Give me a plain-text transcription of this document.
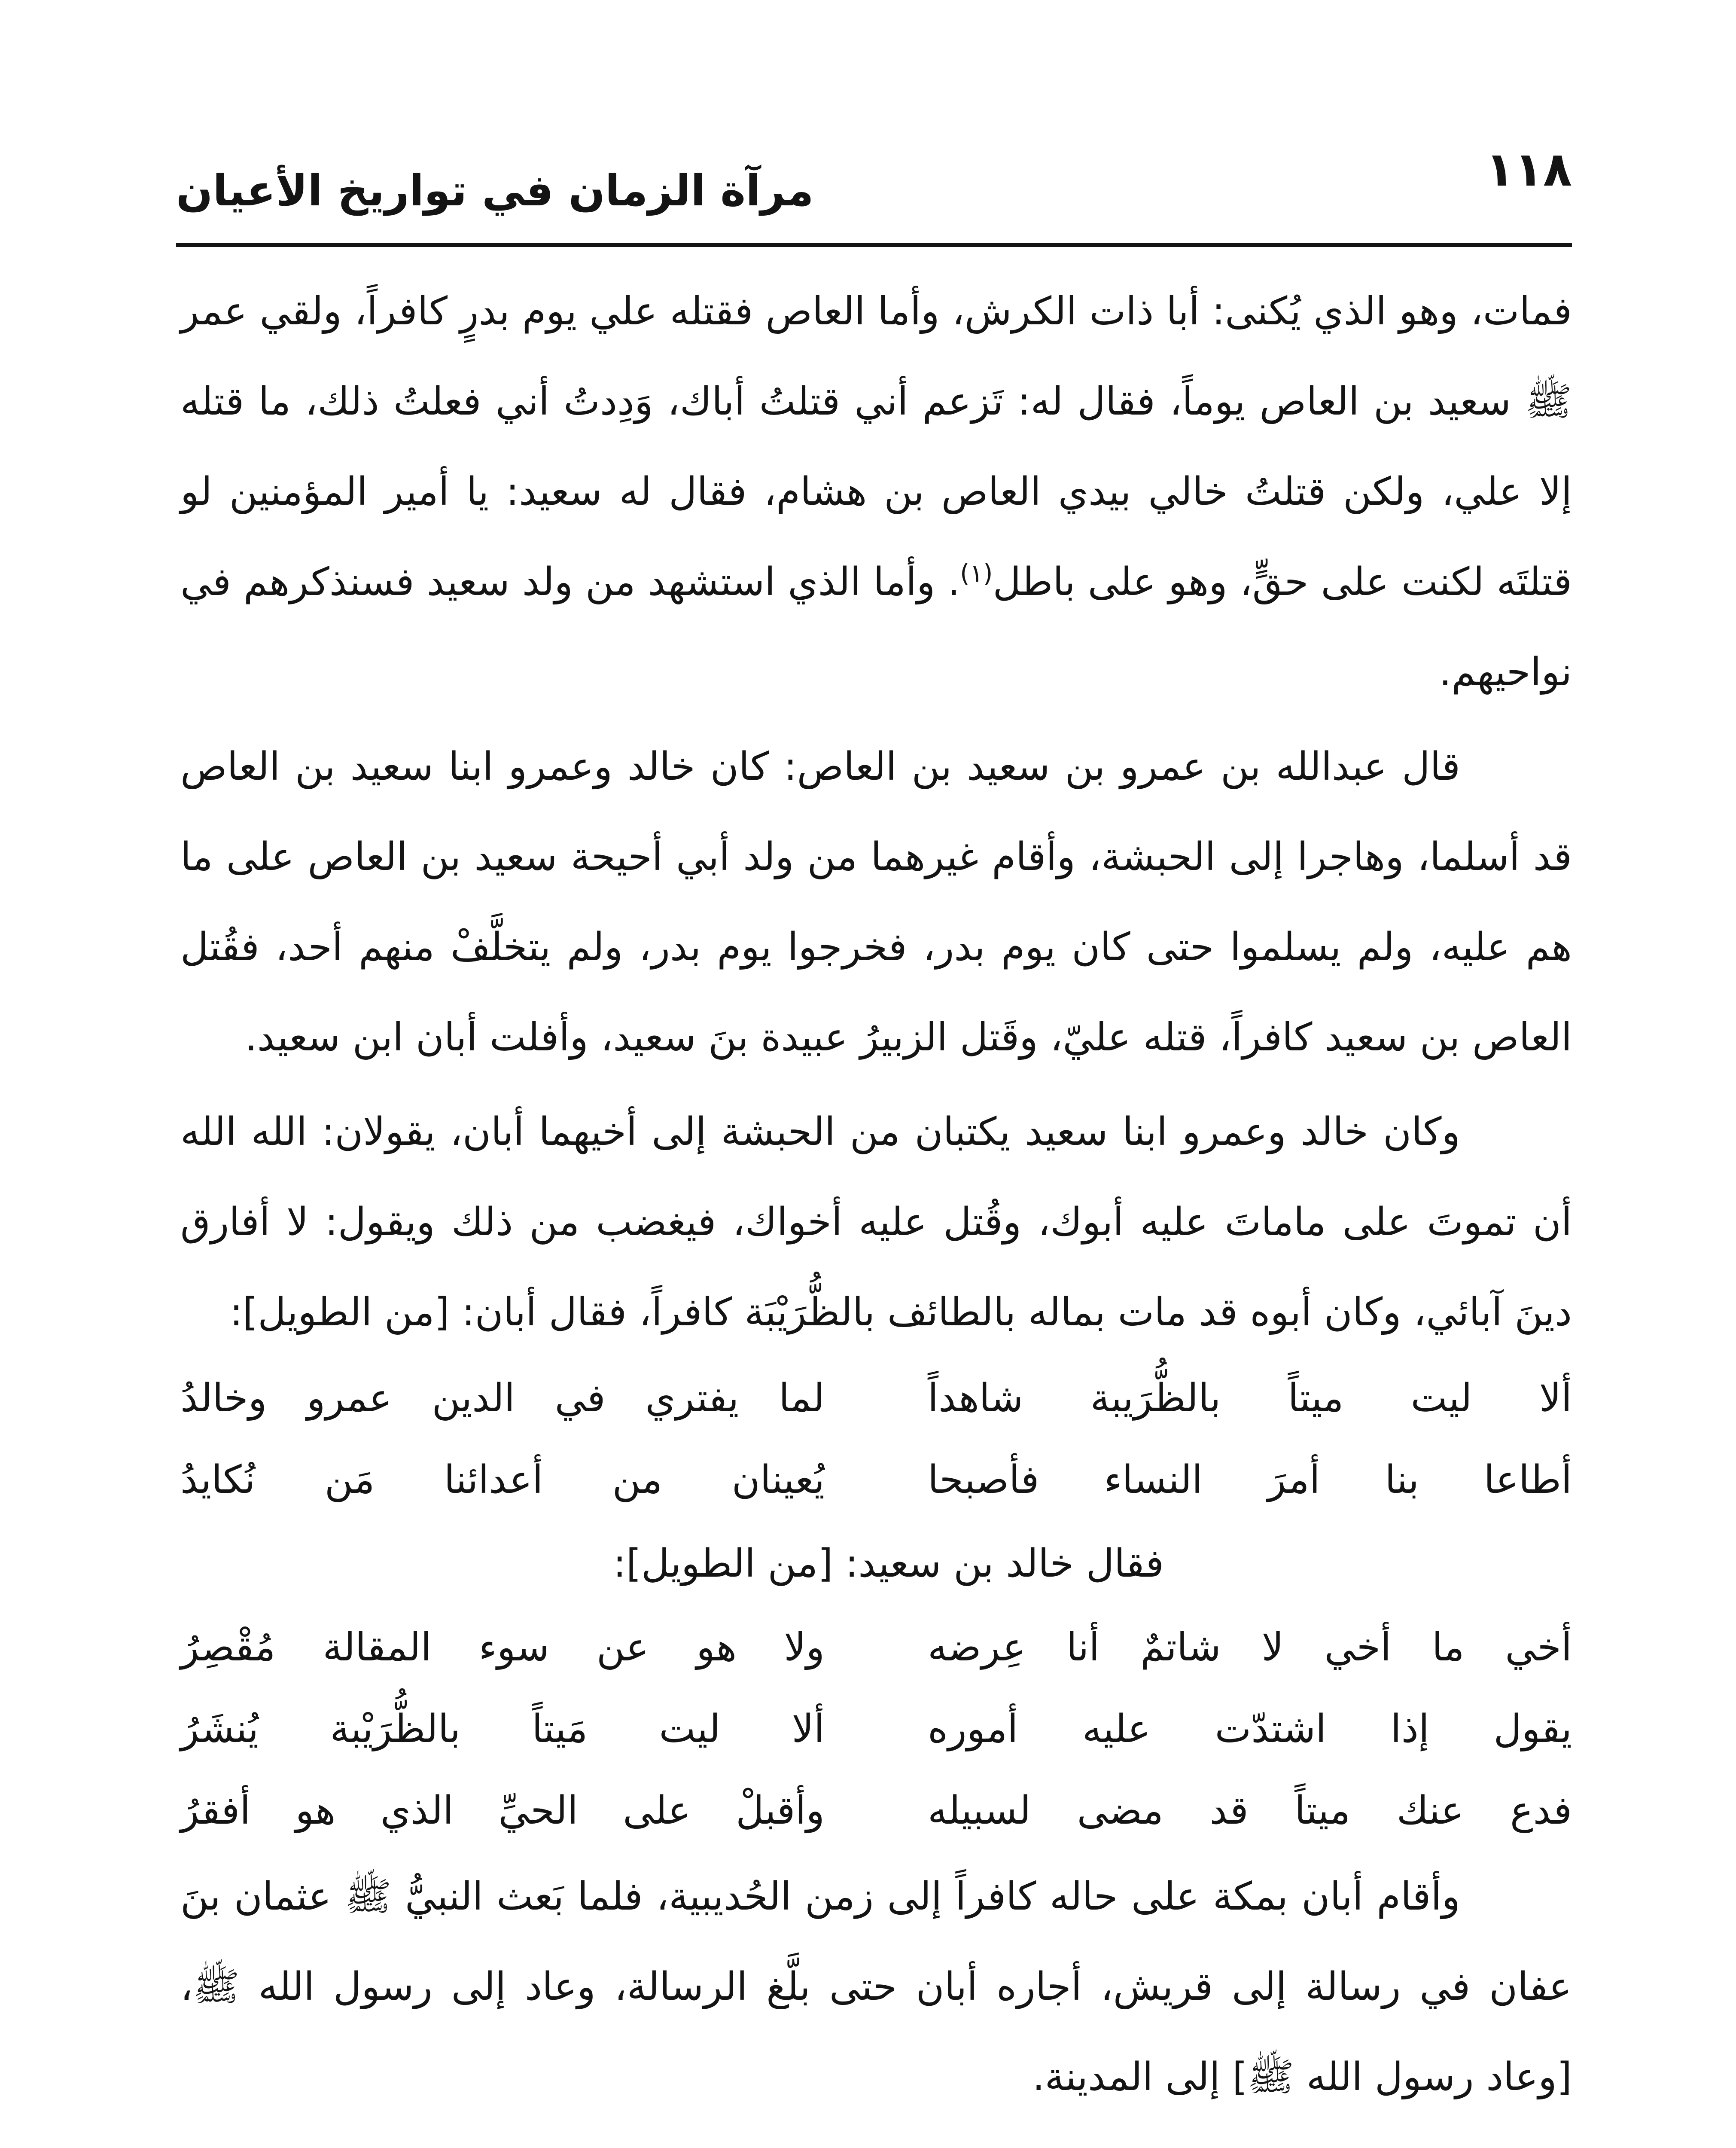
١١٨
مرآة الزمان في تواريخ الأعيان

فمات، وهو الذي يُكنى: أبا ذات الكرش، وأما العاص فقتله علي يوم بدرٍ كافراً، ولقي عمر ﷺ سعيد بن العاص يوماً، فقال له: تَزعم أني قتلتُ أباك، وَدِدتُ أني فعلتُ ذلك، ما قتله إلا علي، ولكن قتلتُ خالي بيدي العاص بن هشام، فقال له سعيد: يا أمير المؤمنين لو قتلتَه لكنت على حقٍّ، وهو على باطل$^{(١)}$. وأما الذي استشهد من ولد سعيد فسنذكرهم في نواحيهم.

قال عبدالله بن عمرو بن سعيد بن العاص: كان خالد وعمرو ابنا سعيد بن العاص قد أسلما، وهاجرا إلى الحبشة، وأقام غيرهما من ولد أبي أحيحة سعيد بن العاص على ما هم عليه، ولم يسلموا حتى كان يوم بدر، فخرجوا يوم بدر، ولم يتخلَّفْ منهم أحد، فقُتل العاص بن سعيد كافراً، قتله عليّ، وقَتل الزبيرُ عبيدة بنَ سعيد، وأفلت أبان ابن سعيد.

وكان خالد وعمرو ابنا سعيد يكتبان من الحبشة إلى أخيهما أبان، يقولان: الله الله أن تموتَ على ماماتَ عليه أبوك، وقُتل عليه أخواك، فيغضب من ذلك ويقول: لا أفارق دينَ آبائي، وكان أبوه قد مات بماله بالطائف بالظُّرَيْبَة كافراً، فقال أبان: [من الطويل]:

ألا ليت ميتاً بالظُّرَيبة شاهداً
لما يفتري في الدين عمرو وخالدُ
أطاعا بنا أمرَ النساء فأصبحا
يُعينان من أعدائنا مَن نُكايدُ

فقال خالد بن سعيد: [من الطويل]:

أخي ما أخي لا شاتمٌ أنا عِرضه
ولا هو عن سوء المقالة مُقْصِرُ
يقول إذا اشتدّت عليه أموره
ألا ليت مَيتاً بالظُّرَيْبة يُنشَرُ
فدع عنك ميتاً قد مضى لسبيله
وأقبلْ على الحيِّ الذي هو أفقرُ

وأقام أبان بمكة على حاله كافراً إلى زمن الحُديبية، فلما بَعث النبيُّ ﷺ عثمان بنَ عفان في رسالة إلى قريش، أجاره أبان حتى بلَّغ الرسالة، وعاد إلى رسول الله ﷺ، [وعاد رسول الله ﷺ] إلى المدينة.
